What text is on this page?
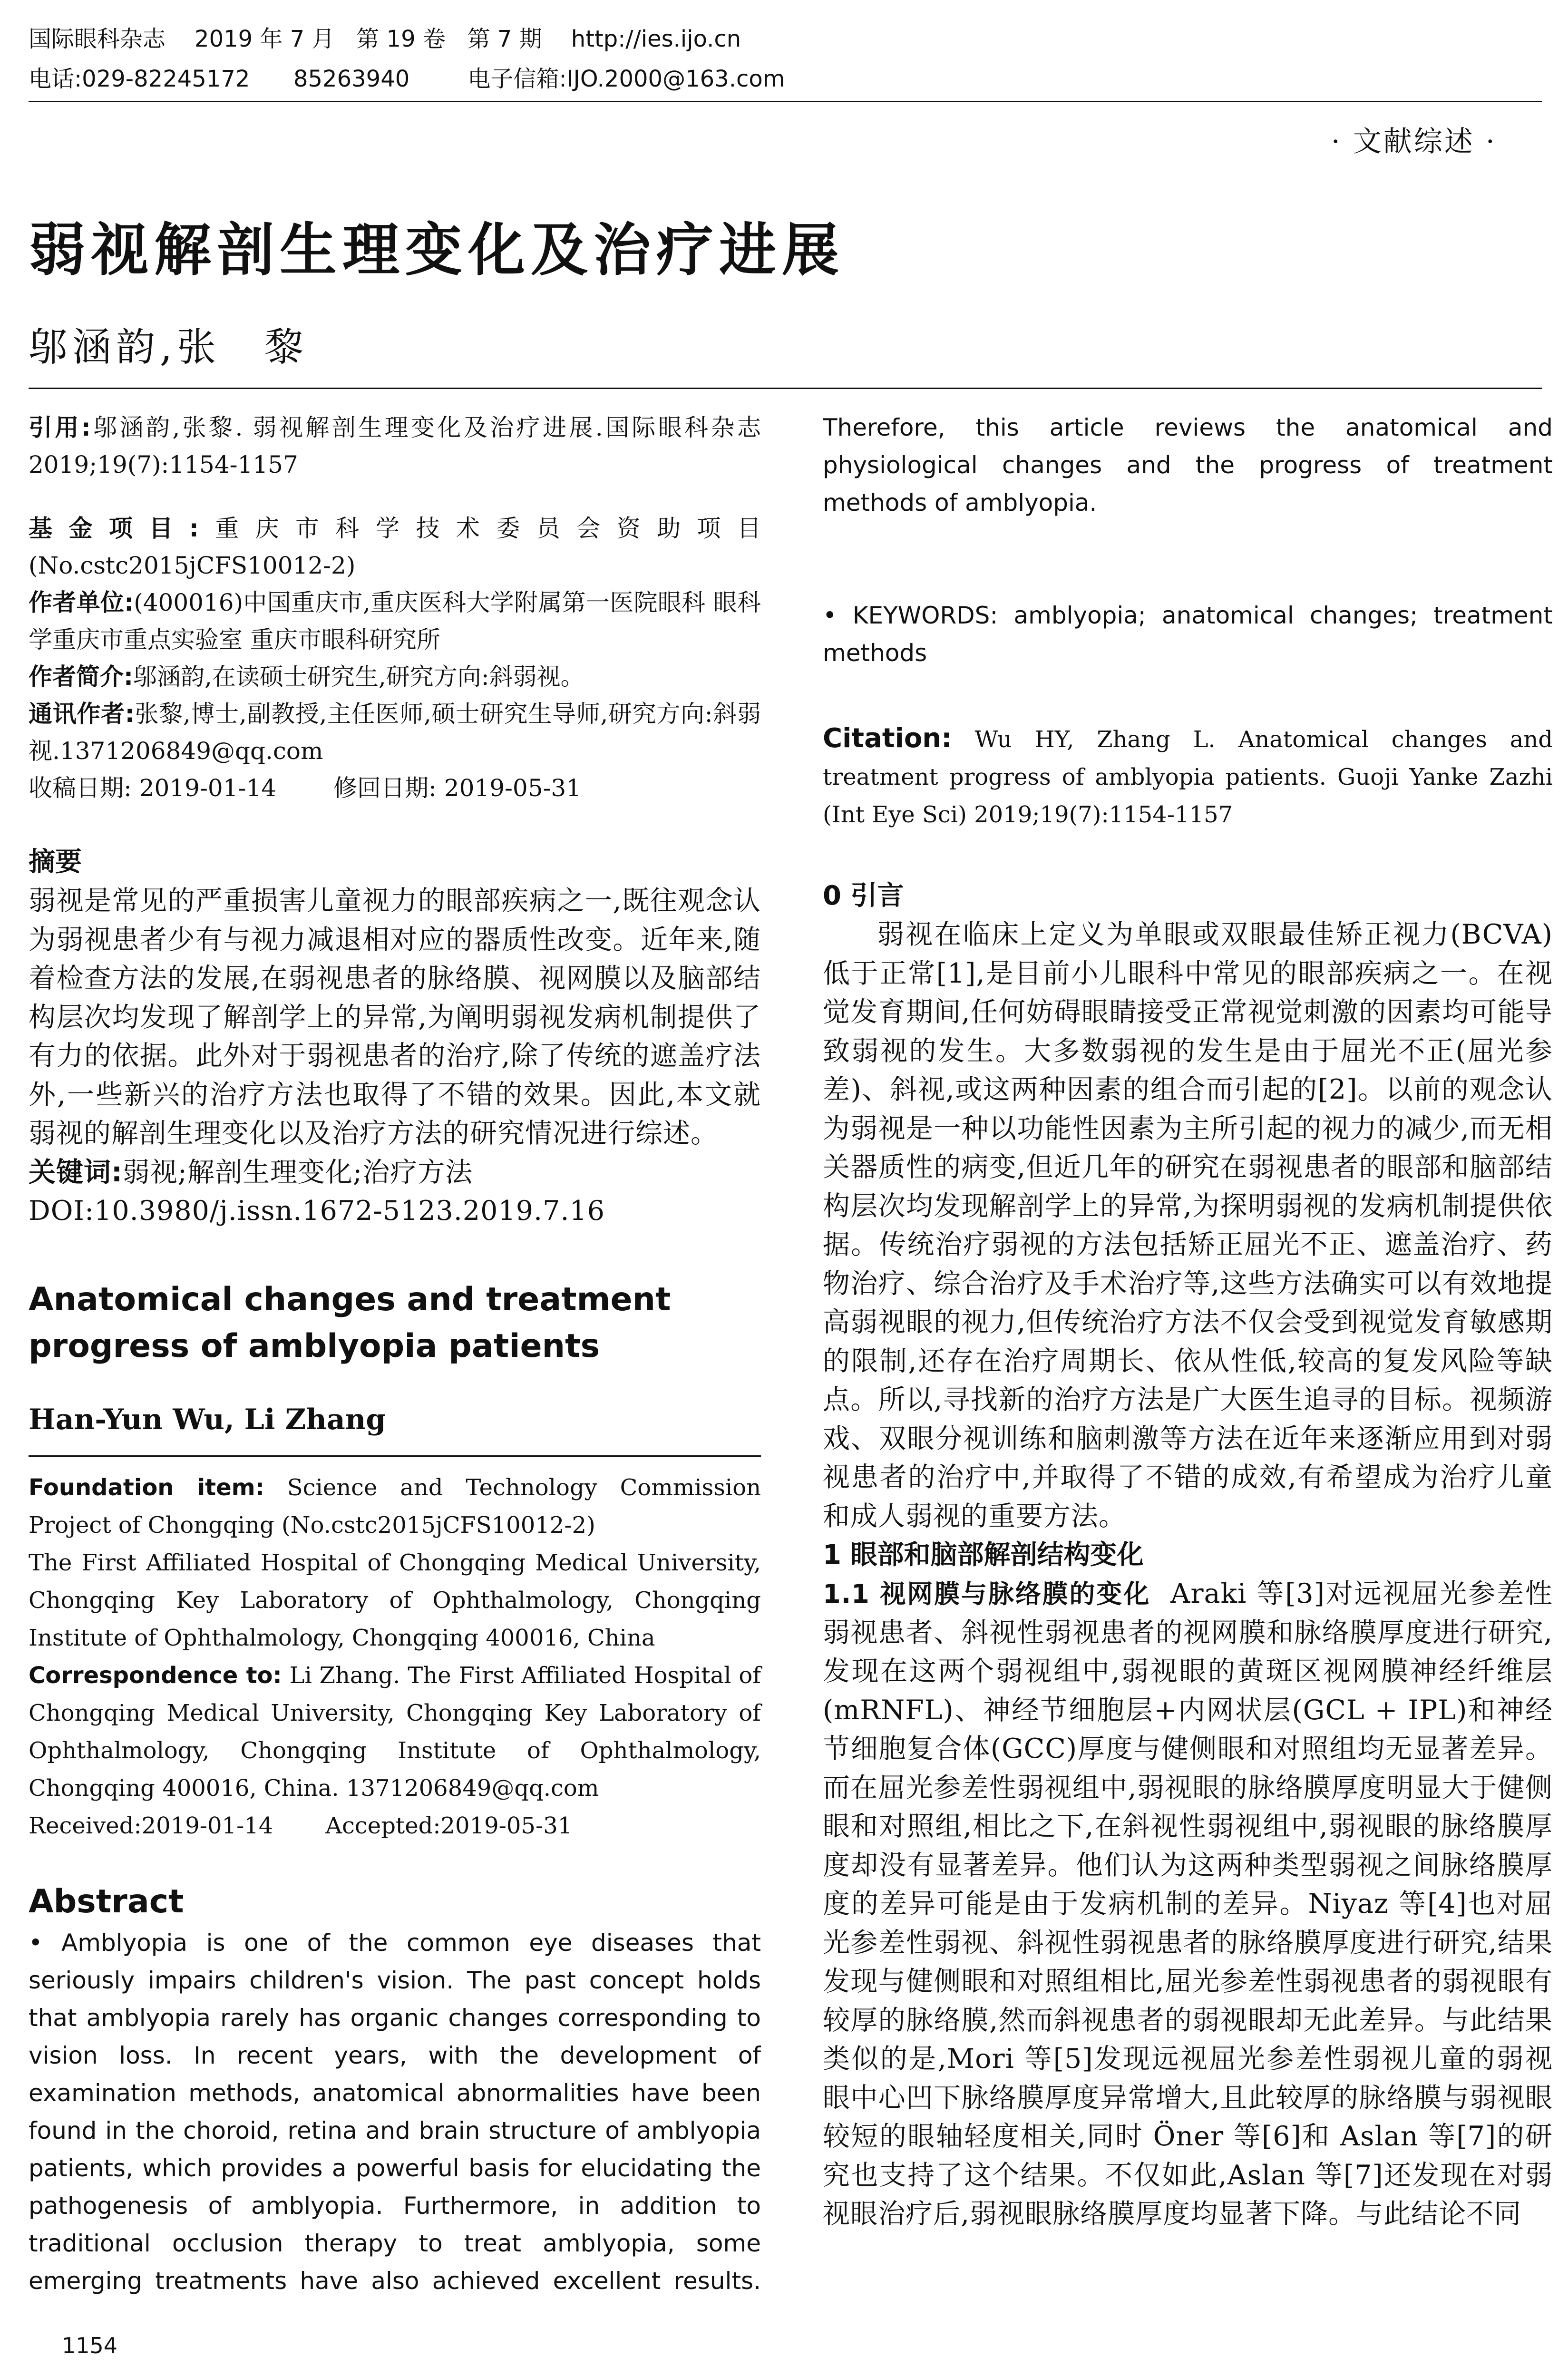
国际眼科杂志    2019 年 7 月   第 19 卷   第 7 期    http://ies.ijo.cn
电话:029-82245172      85263940        电子信箱:IJO.2000@163.com
· 文献综述 ·
弱视解剖生理变化及治疗进展
邬涵韵,张　黎
引用:邬涵韵,张黎. 弱视解剖生理变化及治疗进展.国际眼科杂志 2019;19(7):1154-1157
基金项目:重庆市科学技术委员会资助项目(No.cstc2015jCFS10012-2)
作者单位:(400016)中国重庆市,重庆医科大学附属第一医院眼科 眼科学重庆市重点实验室 重庆市眼科研究所
作者简介:邬涵韵,在读硕士研究生,研究方向:斜弱视。
通讯作者:张黎,博士,副教授,主任医师,硕士研究生导师,研究方向:斜弱视.1371206849@qq.com
收稿日期: 2019-01-14 修回日期: 2019-05-31
摘要
弱视是常见的严重损害儿童视力的眼部疾病之一,既往观念认为弱视患者少有与视力减退相对应的器质性改变。近年来,随着检查方法的发展,在弱视患者的脉络膜、视网膜以及脑部结构层次均发现了解剖学上的异常,为阐明弱视发病机制提供了有力的依据。此外对于弱视患者的治疗,除了传统的遮盖疗法外,一些新兴的治疗方法也取得了不错的效果。因此,本文就弱视的解剖生理变化以及治疗方法的研究情况进行综述。
关键词:弱视;解剖生理变化;治疗方法
DOI:10.3980/j.issn.1672-5123.2019.7.16
Anatomical changes and treatment progress of amblyopia patients
Han-Yun Wu, Li Zhang
Foundation item: Science and Technology Commission Project of Chongqing (No.cstc2015jCFS10012-2)
The First Affiliated Hospital of Chongqing Medical University, Chongqing Key Laboratory of Ophthalmology, Chongqing Institute of Ophthalmology, Chongqing 400016, China
Correspondence to: Li Zhang. The First Affiliated Hospital of Chongqing Medical University, Chongqing Key Laboratory of Ophthalmology, Chongqing Institute of Ophthalmology, Chongqing 400016, China. 1371206849@qq.com
Received:2019-01-14 Accepted:2019-05-31
Abstract
• Amblyopia is one of the common eye diseases that seriously impairs children's vision. The past concept holds that amblyopia rarely has organic changes corresponding to vision loss. In recent years, with the development of examination methods, anatomical abnormalities have been found in the choroid, retina and brain structure of amblyopia patients, which provides a powerful basis for elucidating the pathogenesis of amblyopia. Furthermore, in addition to traditional occlusion therapy to treat amblyopia, some emerging treatments have also achieved excellent results.
Therefore, this article reviews the anatomical and physiological changes and the progress of treatment methods of amblyopia.
• KEYWORDS: amblyopia; anatomical changes; treatment methods
Citation: Wu HY, Zhang L. Anatomical changes and treatment progress of amblyopia patients. Guoji Yanke Zazhi (Int Eye Sci) 2019;19(7):1154-1157
0 引言
弱视在临床上定义为单眼或双眼最佳矫正视力(BCVA)低于正常[1],是目前小儿眼科中常见的眼部疾病之一。在视觉发育期间,任何妨碍眼睛接受正常视觉刺激的因素均可能导致弱视的发生。大多数弱视的发生是由于屈光不正(屈光参差)、斜视,或这两种因素的组合而引起的[2]。以前的观念认为弱视是一种以功能性因素为主所引起的视力的减少,而无相关器质性的病变,但近几年的研究在弱视患者的眼部和脑部结构层次均发现解剖学上的异常,为探明弱视的发病机制提供依据。传统治疗弱视的方法包括矫正屈光不正、遮盖治疗、药物治疗、综合治疗及手术治疗等,这些方法确实可以有效地提高弱视眼的视力,但传统治疗方法不仅会受到视觉发育敏感期的限制,还存在治疗周期长、依从性低,较高的复发风险等缺点。所以,寻找新的治疗方法是广大医生追寻的目标。视频游戏、双眼分视训练和脑刺激等方法在近年来逐渐应用到对弱视患者的治疗中,并取得了不错的成效,有希望成为治疗儿童和成人弱视的重要方法。
1 眼部和脑部解剖结构变化
1.1 视网膜与脉络膜的变化 Araki 等[3]对远视屈光参差性弱视患者、斜视性弱视患者的视网膜和脉络膜厚度进行研究,发现在这两个弱视组中,弱视眼的黄斑区视网膜神经纤维层(mRNFL)、神经节细胞层+内网状层(GCL + IPL)和神经节细胞复合体(GCC)厚度与健侧眼和对照组均无显著差异。而在屈光参差性弱视组中,弱视眼的脉络膜厚度明显大于健侧眼和对照组,相比之下,在斜视性弱视组中,弱视眼的脉络膜厚度却没有显著差异。他们认为这两种类型弱视之间脉络膜厚度的差异可能是由于发病机制的差异。Niyaz 等[4]也对屈光参差性弱视、斜视性弱视患者的脉络膜厚度进行研究,结果发现与健侧眼和对照组相比,屈光参差性弱视患者的弱视眼有较厚的脉络膜,然而斜视患者的弱视眼却无此差异。与此结果类似的是,Mori 等[5]发现远视屈光参差性弱视儿童的弱视眼中心凹下脉络膜厚度异常增大,且此较厚的脉络膜与弱视眼较短的眼轴轻度相关,同时 Öner 等[6]和 Aslan 等[7]的研究也支持了这个结果。不仅如此,Aslan 等[7]还发现在对弱视眼治疗后,弱视眼脉络膜厚度均显著下降。与此结论不同
1154
